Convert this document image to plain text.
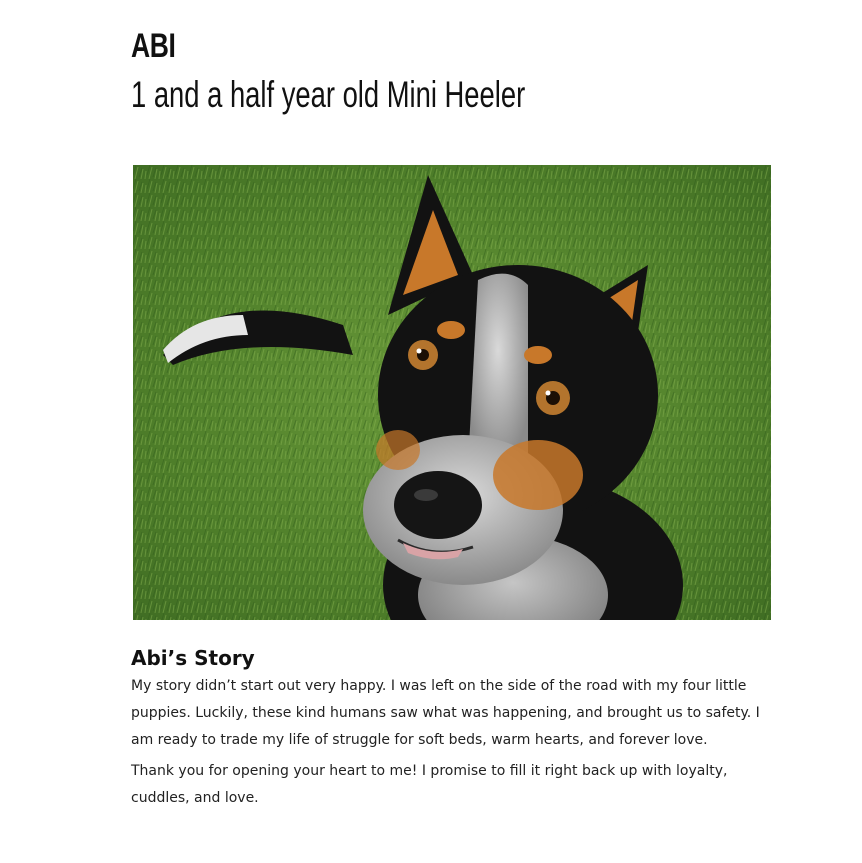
ABI
1 and a half year old Mini Heeler
Abi’s Story

My story didn’t start out very happy. I was left on the side of the road with my four little puppies. Luckily, these kind humans saw what was happening, and brought us to safety. I am ready to trade my life of struggle for soft beds, warm hearts, and forever love.

Thank you for opening your heart to me! I promise to fill it right back up with loyalty, cuddles, and love.
